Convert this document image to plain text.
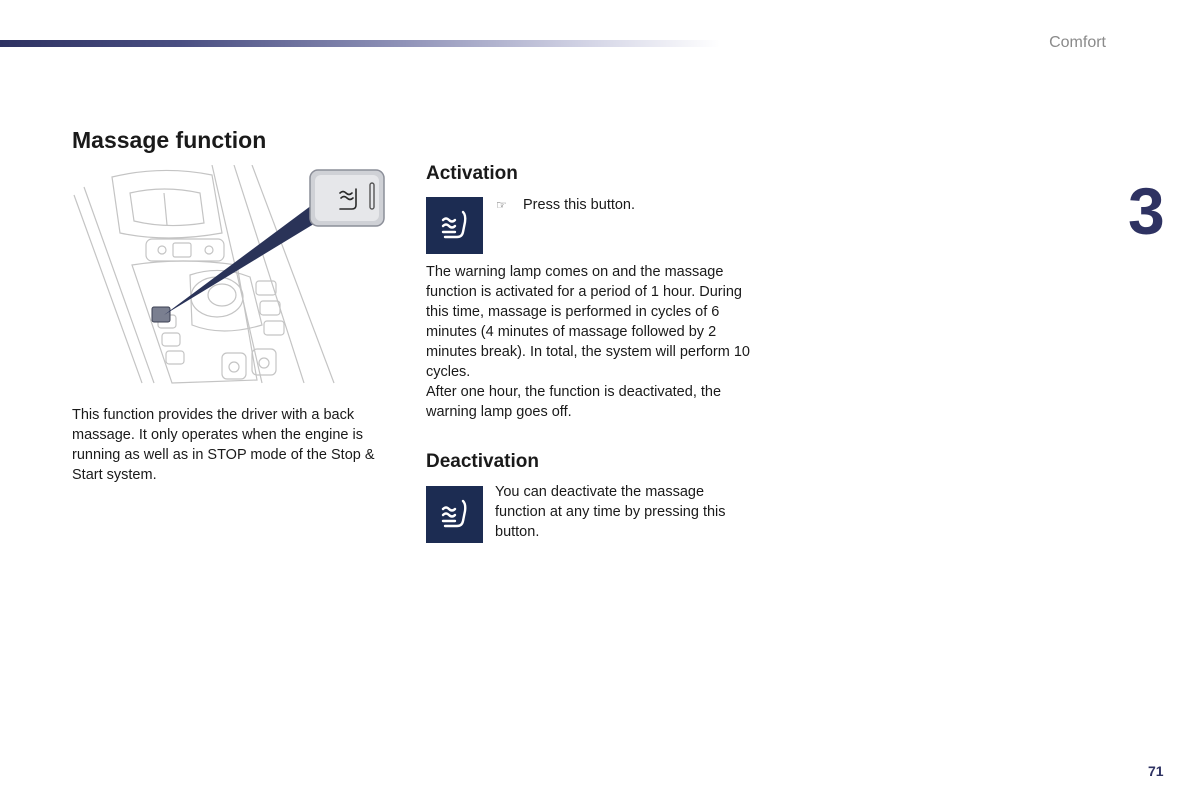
Comfort
3
Massage function

This function provides the driver with a back massage. It only operates when the engine is running as well as in STOP mode of the Stop & Start system.

Activation
☞	Press this button.

The warning lamp comes on and the massage function is activated for a period of 1 hour. During this time, massage is performed in cycles of 6 minutes (4 minutes of massage followed by 2 minutes break). In total, the system will perform 10 cycles.

After one hour, the function is deactivated, the warning lamp goes off.

Deactivation

You can deactivate the massage function at any time by pressing this button.

71
